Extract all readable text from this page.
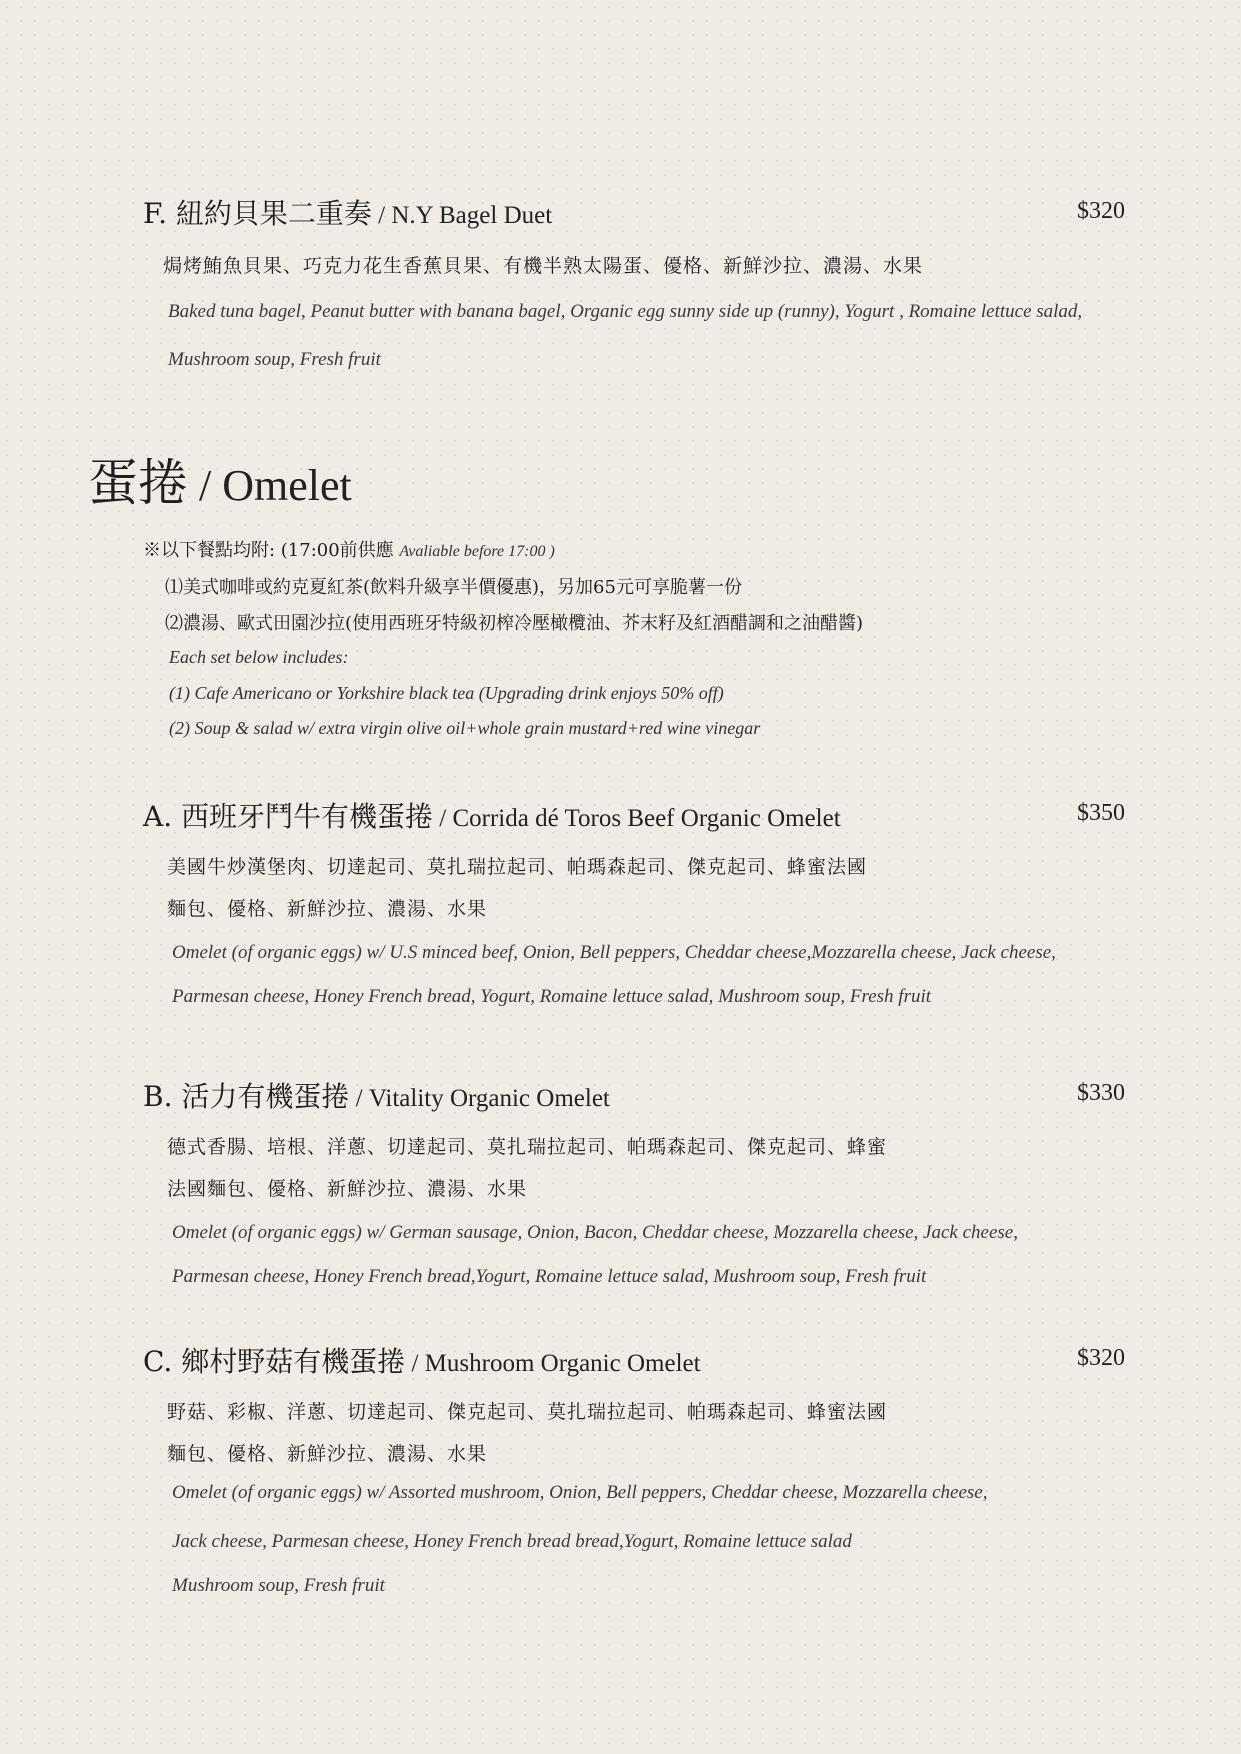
F. 紐約貝果二重奏 / N.Y Bagel Duet	$320
焗烤鮪魚貝果、巧克力花生香蕉貝果、有機半熟太陽蛋、優格、新鮮沙拉、濃湯、水果
Baked tuna bagel, Peanut butter with banana bagel, Organic egg sunny side up (runny), Yogurt , Romaine lettuce salad,
Mushroom soup, Fresh fruit
蛋捲 / Omelet
※以下餐點均附: (17:00前供應 Avaliable before 17:00 )
⑴美式咖啡或約克夏紅茶(飲料升級享半價優惠)，另加65元可享脆薯一份
⑵濃湯、歐式田園沙拉(使用西班牙特級初榨冷壓橄欖油、芥末籽及紅酒醋調和之油醋醬)
Each set below includes:
(1) Cafe Americano or Yorkshire black tea (Upgrading drink enjoys 50% off)
(2) Soup & salad w/ extra virgin olive oil+whole grain mustard+red wine vinegar
A. 西班牙鬥牛有機蛋捲 / Corrida dé Toros Beef Organic Omelet	$350
美國牛炒漢堡肉、切達起司、莫扎瑞拉起司、帕瑪森起司、傑克起司、蜂蜜法國
麵包、優格、新鮮沙拉、濃湯、水果
Omelet (of organic eggs) w/ U.S minced beef, Onion, Bell peppers, Cheddar cheese,Mozzarella cheese, Jack cheese,
Parmesan cheese, Honey French bread, Yogurt, Romaine lettuce salad, Mushroom soup, Fresh fruit
B. 活力有機蛋捲 / Vitality Organic Omelet	$330
德式香腸、培根、洋蔥、切達起司、莫扎瑞拉起司、帕瑪森起司、傑克起司、蜂蜜
法國麵包、優格、新鮮沙拉、濃湯、水果
Omelet (of organic eggs) w/ German sausage, Onion, Bacon, Cheddar cheese, Mozzarella cheese, Jack cheese,
Parmesan cheese, Honey French bread,Yogurt, Romaine lettuce salad, Mushroom soup, Fresh fruit
C. 鄉村野菇有機蛋捲 / Mushroom Organic Omelet	$320
野菇、彩椒、洋蔥、切達起司、傑克起司、莫扎瑞拉起司、帕瑪森起司、蜂蜜法國
麵包、優格、新鮮沙拉、濃湯、水果
Omelet (of organic eggs) w/ Assorted mushroom, Onion, Bell peppers, Cheddar cheese, Mozzarella cheese,
Jack cheese, Parmesan cheese, Honey French bread bread,Yogurt, Romaine lettuce salad
Mushroom soup, Fresh fruit
